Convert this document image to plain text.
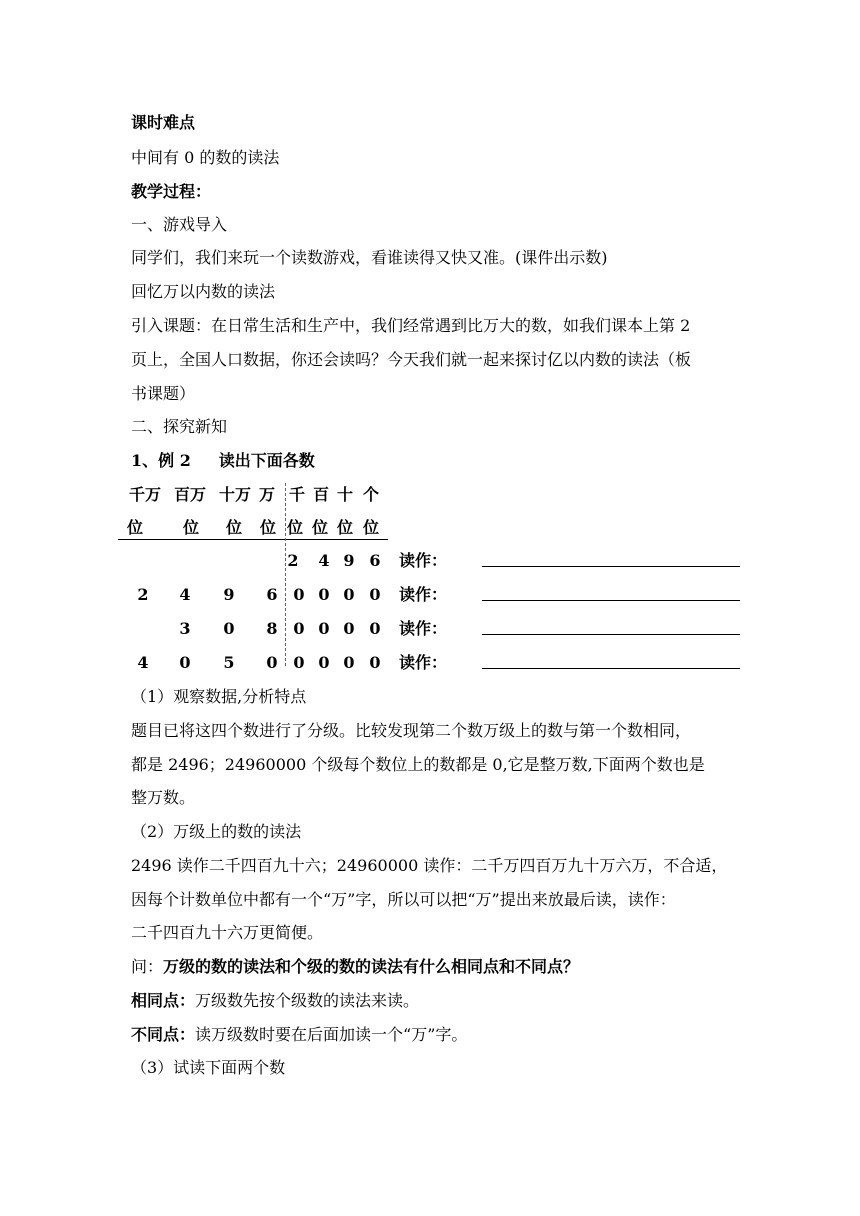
课时难点
中间有 0 的数的读法
教学过程：
一、游戏导入
同学们，我们来玩一个读数游戏，看谁读得又快又准。(课件出示数)
回忆万以内数的读法
引入课题：在日常生活和生产中，我们经常遇到比万大的数，如我们课本上第 2
页上，全国人口数据，你还会读吗？今天我们就一起来探讨亿以内数的读法（板
书课题）
二、探究新知
1、例 2     读出下面各数
千万 百万 十万 万 千 百 十 个
位 位 位 位 位 位 位 位
2 4 9 6 读作：
2 4 9 6 0 0 0 0 读作：
3 0 8 0 0 0 0 读作：
4 0 5 0 0 0 0 0 读作：
（1）观察数据,分析特点
题目已将这四个数进行了分级。比较发现第二个数万级上的数与第一个数相同，
都是 2496；24960000 个级每个数位上的数都是 0,它是整万数,下面两个数也是
整万数。
（2）万级上的数的读法
2496 读作二千四百九十六；24960000 读作：二千万四百万九十万六万，不合适，
因每个计数单位中都有一个“万”字，所以可以把“万”提出来放最后读，读作：
二千四百九十六万更简便。
问：万级的数的读法和个级的数的读法有什么相同点和不同点？
相同点：万级数先按个级数的读法来读。
不同点：读万级数时要在后面加读一个“万”字。
（3）试读下面两个数
